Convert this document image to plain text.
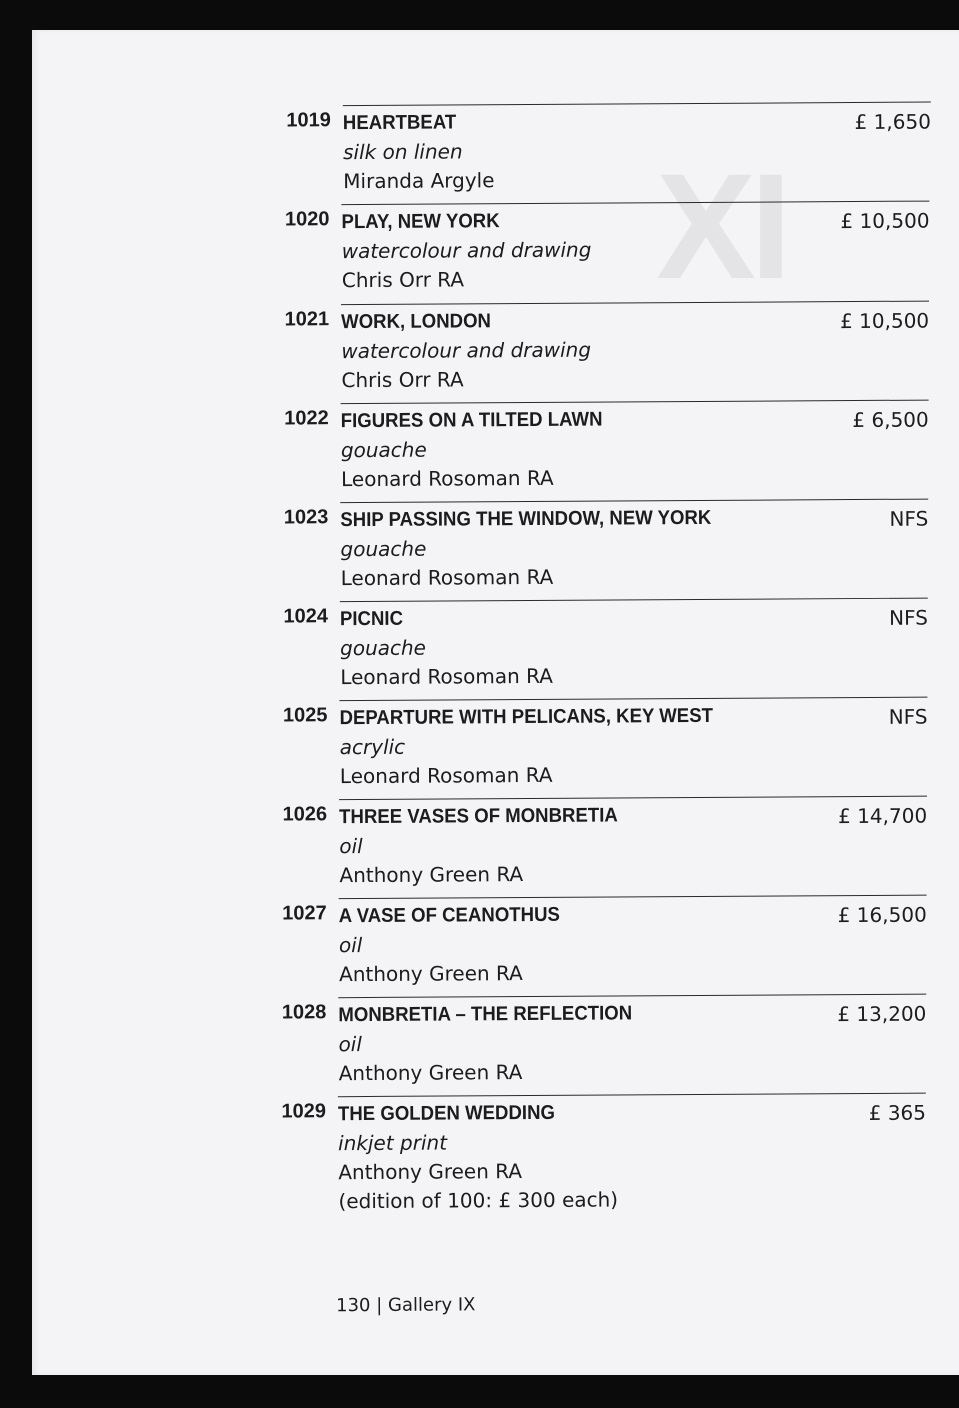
IX
1019 HEARTBEAT
silk on linen
Miranda Argyle
£ 1,650
1020 PLAY, NEW YORK
watercolour and drawing
Chris Orr RA
£ 10,500
1021 WORK, LONDON
watercolour and drawing
Chris Orr RA
£ 10,500
1022 FIGURES ON A TILTED LAWN
gouache
Leonard Rosoman RA
£ 6,500
1023 SHIP PASSING THE WINDOW, NEW YORK
gouache
Leonard Rosoman RA
NFS
1024 PICNIC
gouache
Leonard Rosoman RA
NFS
1025 DEPARTURE WITH PELICANS, KEY WEST
acrylic
Leonard Rosoman RA
NFS
1026 THREE VASES OF MONBRETIA
oil
Anthony Green RA
£ 14,700
1027 A VASE OF CEANOTHUS
oil
Anthony Green RA
£ 16,500
1028 MONBRETIA – THE REFLECTION
oil
Anthony Green RA
£ 13,200
1029 THE GOLDEN WEDDING
inkjet print
Anthony Green RA
(edition of 100: £ 300 each)
£ 365
130 | Gallery IX
